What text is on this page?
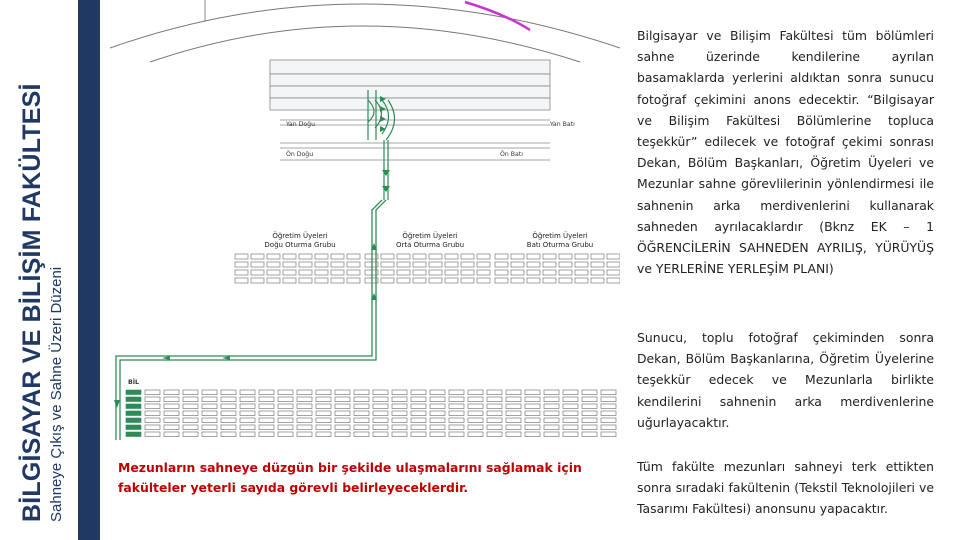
BİLGİSAYAR VE BİLİŞİM FAKÜLTESİ Sahneye Çıkış ve Sahne Üzeri Düzeni
Yan Doğu	Yan Batı
Ön Doğu	Ön Batı
Öğretim Üyeleri
Doğu Oturma Grubu
Öğretim Üyeleri
Orta Oturma Grubu
Öğretim Üyeleri
Batı Oturma Grubu
BİL
Bilgisayar ve Bilişim Fakültesi tüm bölümleri sahne üzerinde kendilerine ayrılan basamaklarda yerlerini aldıktan sonra sunucu fotoğraf çekimini anons edecektir. “Bilgisayar ve Bilişim Fakültesi Bölümlerine topluca teşekkür” edilecek ve fotoğraf çekimi sonrası Dekan, Bölüm Başkanları, Öğretim Üyeleri ve Mezunlar sahne görevlilerinin yönlendirmesi ile sahnenin arka merdivenlerini kullanarak sahneden ayrılacaklardır (Bknz EK – 1 ÖĞRENCİLERİN SAHNEDEN AYRILIŞ, YÜRÜYÜŞ ve YERLERİNE YERLEŞİM PLANI)
Sunucu, toplu fotoğraf çekiminden sonra Dekan, Bölüm Başkanlarına, Öğretim Üyelerine teşekkür edecek ve Mezunlarla birlikte kendilerini sahnenin arka merdivenlerine uğurlayacaktır.
Tüm fakülte mezunları sahneyi terk ettikten sonra sıradaki fakültenin (Tekstil Teknolojileri ve Tasarımı Fakültesi) anonsunu yapacaktır.
Mezunların sahneye düzgün bir şekilde ulaşmalarını sağlamak için fakülteler yeterli sayıda görevli belirleyeceklerdir.
